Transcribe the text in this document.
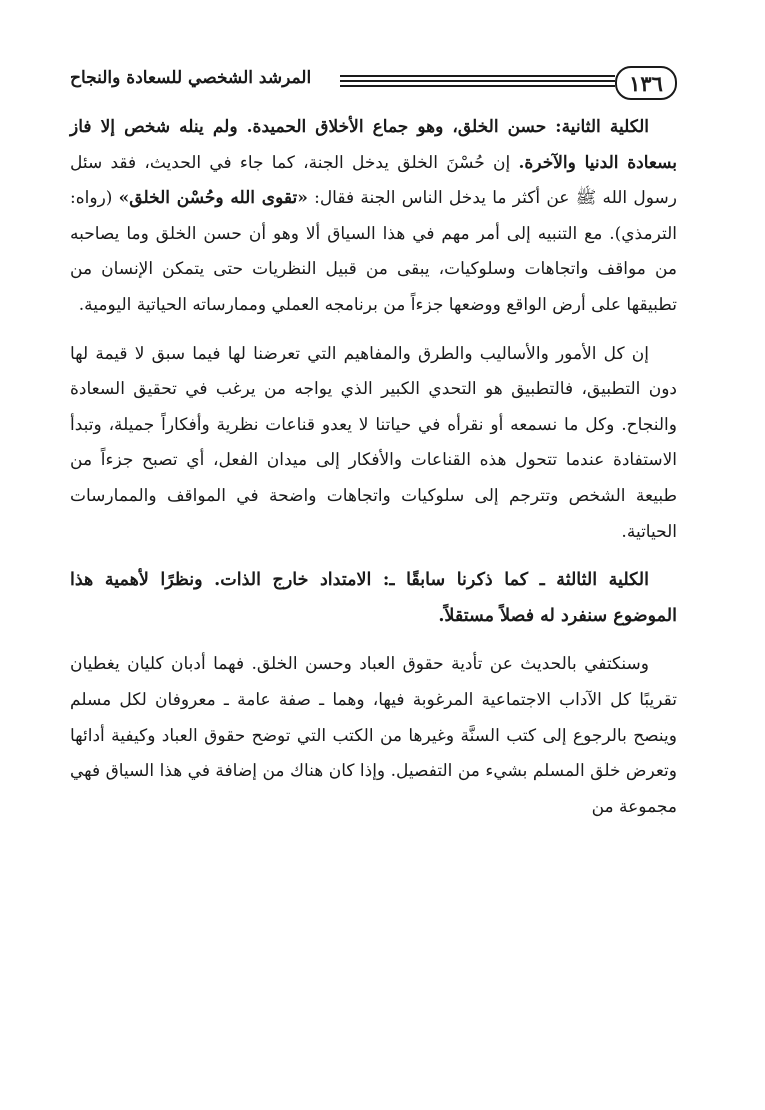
١٣٦
المرشد الشخصي للسعادة والنجاح

الكلية الثانية: حسن الخلق، وهو جماع الأخلاق الحميدة. ولم ينله شخص إلا فاز بسعادة الدنيا والآخرة. إن حُسْنَ الخلق يدخل الجنة، كما جاء في الحديث، فقد سئل رسول الله ﷺ عن أكثر ما يدخل الناس الجنة فقال: «تقوى الله وحُسْن الخلق» (رواه: الترمذي). مع التنبيه إلى أمر مهم في هذا السياق ألا وهو أن حسن الخلق وما يصاحبه من مواقف واتجاهات وسلوكيات، يبقى من قبيل النظريات حتى يتمكن الإنسان من تطبيقها على أرض الواقع ووضعها جزءاً من برنامجه العملي وممارساته الحياتية اليومية.

إن كل الأمور والأساليب والطرق والمفاهيم التي تعرضنا لها فيما سبق لا قيمة لها دون التطبيق، فالتطبيق هو التحدي الكبير الذي يواجه من يرغب في تحقيق السعادة والنجاح. وكل ما نسمعه أو نقرأه في حياتنا لا يعدو قناعات نظرية وأفكاراً جميلة، وتبدأ الاستفادة عندما تتحول هذه القناعات والأفكار إلى ميدان الفعل، أي تصبح جزءاً من طبيعة الشخص وتترجم إلى سلوكيات واتجاهات واضحة في المواقف والممارسات الحياتية.

الكلية الثالثة ـ كما ذكرنا سابقًا ـ: الامتداد خارج الذات. ونظرًا لأهمية هذا الموضوع سنفرد له فصلاً مستقلاً.

وسنكتفي بالحديث عن تأدية حقوق العباد وحسن الخلق. فهما أدبان كليان يغطيان تقريبًا كل الآداب الاجتماعية المرغوبة فيها، وهما ـ صفة عامة ـ معروفان لكل مسلم وينصح بالرجوع إلى كتب السنَّة وغيرها من الكتب التي توضح حقوق العباد وكيفية أدائها وتعرض خلق المسلم بشيء من التفصيل. وإذا كان هناك من إضافة في هذا السياق فهي مجموعة من
